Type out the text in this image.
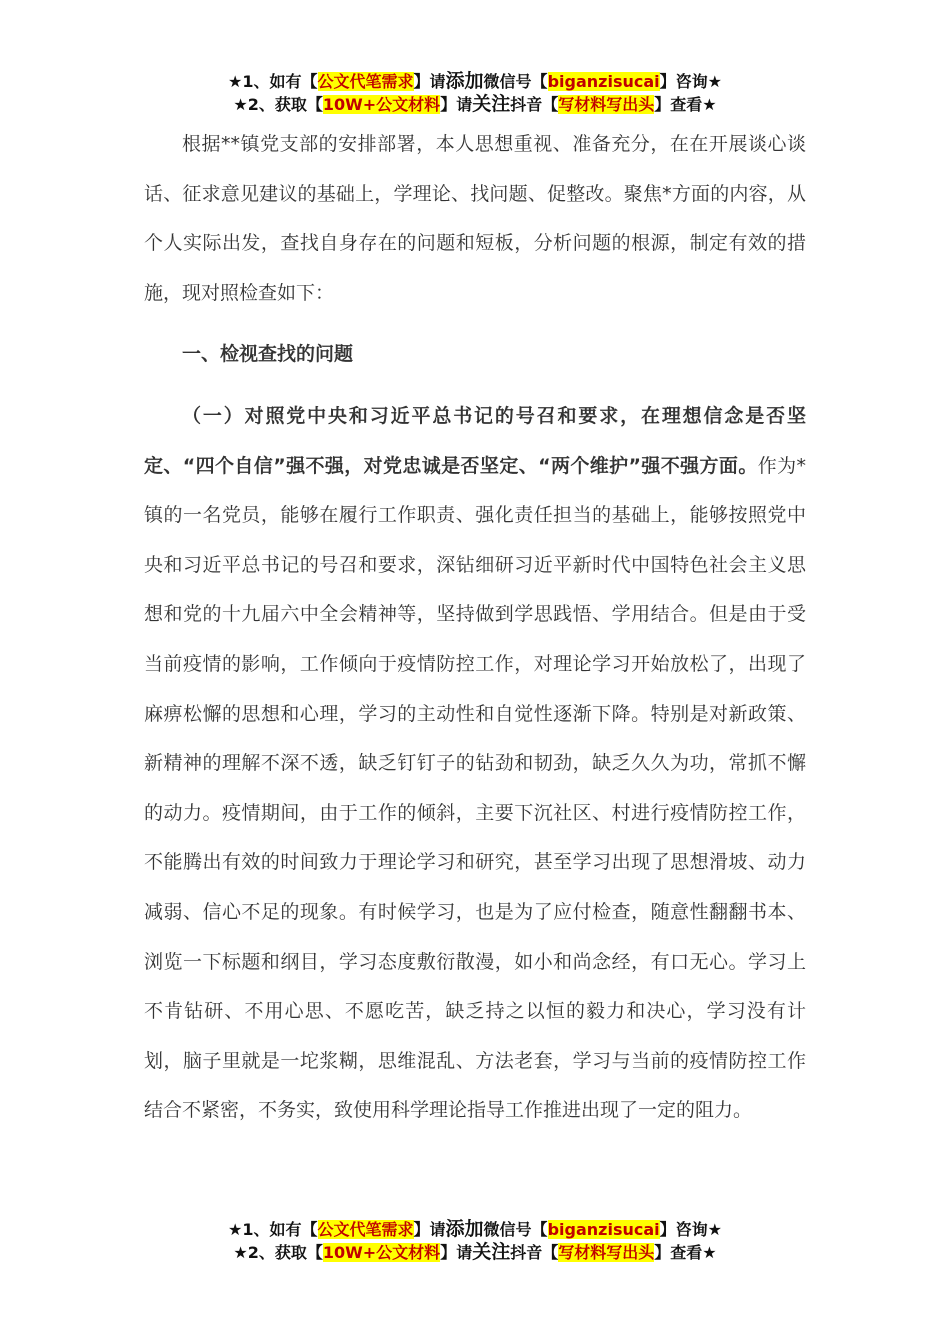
★1、如有【公文代笔需求】请添加微信号【biganzisucai】咨询★
★2、获取【10W+公文材料】请关注抖音【写材料写出头】查看★

根据**镇党支部的安排部署，本人思想重视、准备充分，在在开展谈心谈话、征求意见建议的基础上，学理论、找问题、促整改。聚焦*方面的内容，从个人实际出发，查找自身存在的问题和短板，分析问题的根源，制定有效的措施，现对照检查如下：

一、检视查找的问题

（一）对照党中央和习近平总书记的号召和要求，在理想信念是否坚定、“四个自信”强不强，对党忠诚是否坚定、“两个维护”强不强方面。作为*镇的一名党员，能够在履行工作职责、强化责任担当的基础上，能够按照党中央和习近平总书记的号召和要求，深钻细研习近平新时代中国特色社会主义思想和党的十九届六中全会精神等，坚持做到学思践悟、学用结合。但是由于受当前疫情的影响，工作倾向于疫情防控工作，对理论学习开始放松了，出现了麻痹松懈的思想和心理，学习的主动性和自觉性逐渐下降。特别是对新政策、新精神的理解不深不透，缺乏钉钉子的钻劲和韧劲，缺乏久久为功，常抓不懈的动力。疫情期间，由于工作的倾斜，主要下沉社区、村进行疫情防控工作，不能腾出有效的时间致力于理论学习和研究，甚至学习出现了思想滑坡、动力减弱、信心不足的现象。有时候学习，也是为了应付检查，随意性翻翻书本、浏览一下标题和纲目，学习态度敷衍散漫，如小和尚念经，有口无心。学习上不肯钻研、不用心思、不愿吃苦，缺乏持之以恒的毅力和决心，学习没有计划，脑子里就是一坨浆糊，思维混乱、方法老套，学习与当前的疫情防控工作结合不紧密，不务实，致使用科学理论指导工作推进出现了一定的阻力。

★1、如有【公文代笔需求】请添加微信号【biganzisucai】咨询★
★2、获取【10W+公文材料】请关注抖音【写材料写出头】查看★
